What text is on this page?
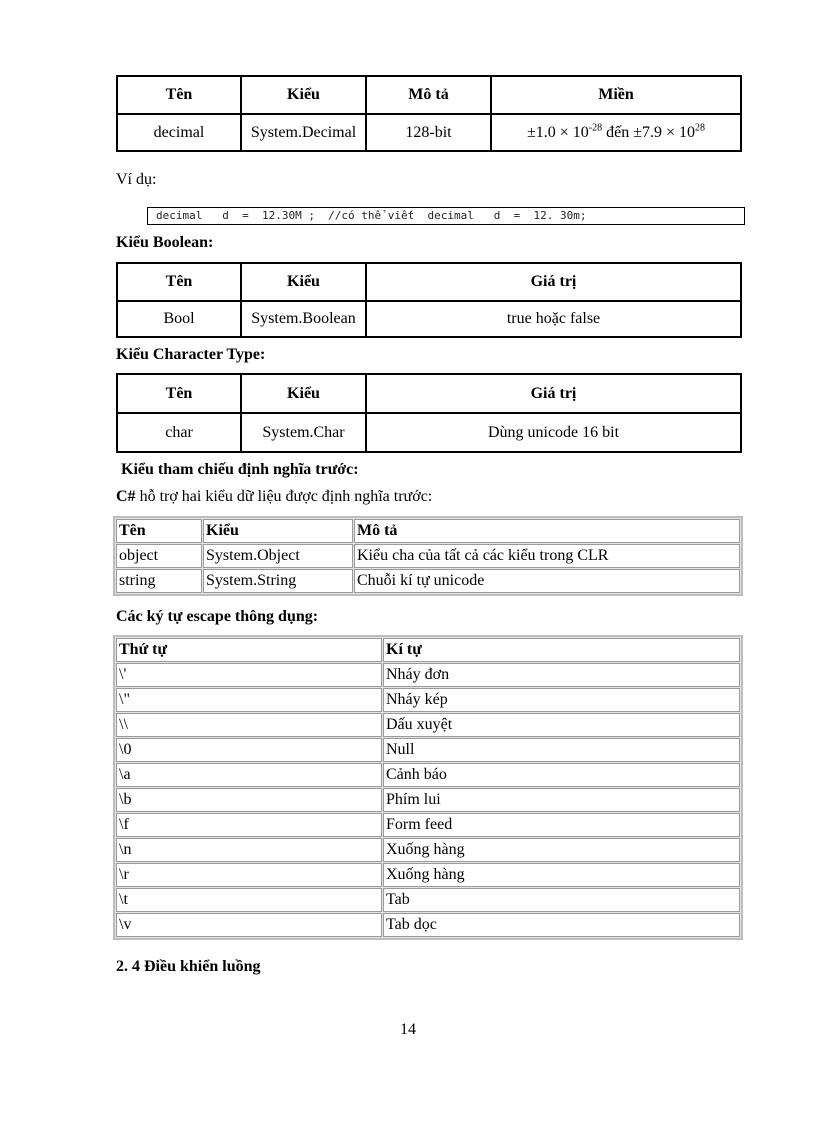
Tên	Kiểu	Mô tả	Miền
decimal	System.Decimal	128-bit	$\pm 1.0 \times 10^{-28}$ đến $\pm 7.9 \times 10^{28}$

Ví dụ:

decimal   d  =  12.30M ;  //có thể viết  decimal   d  =  12. 30m;

Kiểu Boolean:

Tên	Kiểu	Giá trị
Bool	System.Boolean	true hoặc false

Kiểu Character Type:

Tên	Kiểu	Giá trị
char	System.Char	Dùng unicode 16 bit

Kiểu tham chiếu định nghĩa trước:

C# hỗ trợ hai kiểu dữ liệu được định nghĩa trước:

Tên	Kiểu	Mô tả
object	System.Object	Kiểu cha của tất cả các kiểu trong CLR
string	System.String	Chuỗi kí tự unicode

Các ký tự escape thông dụng:

Thứ tự	Kí tự
\'	Nháy đơn
\"	Nháy kép
\\	Dấu xuyệt
\0	Null
\a	Cảnh báo
\b	Phím lui
\f	Form feed
\n	Xuống hàng
\r	Xuống hàng
\t	Tab
\v	Tab dọc

2. 4 Điều khiển luồng

14
